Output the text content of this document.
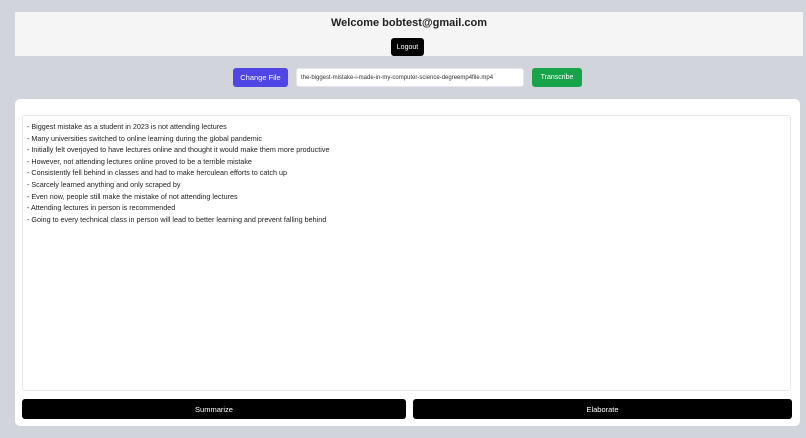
Welcome bobtest@gmail.com
Logout
Change File	the-biggest-mistake-i-made-in-my-computer-science-degreemp4file.mp4	Transcribe
- Biggest mistake as a student in 2023 is not attending lectures
- Many universities switched to online learning during the global pandemic
- Initially felt overjoyed to have lectures online and thought it would make them more productive
- However, not attending lectures online proved to be a terrible mistake
- Consistently fell behind in classes and had to make herculean efforts to catch up
- Scarcely learned anything and only scraped by
- Even now, people still make the mistake of not attending lectures
- Attending lectures in person is recommended
- Going to every technical class in person will lead to better learning and prevent falling behind
Summarize	Elaborate
